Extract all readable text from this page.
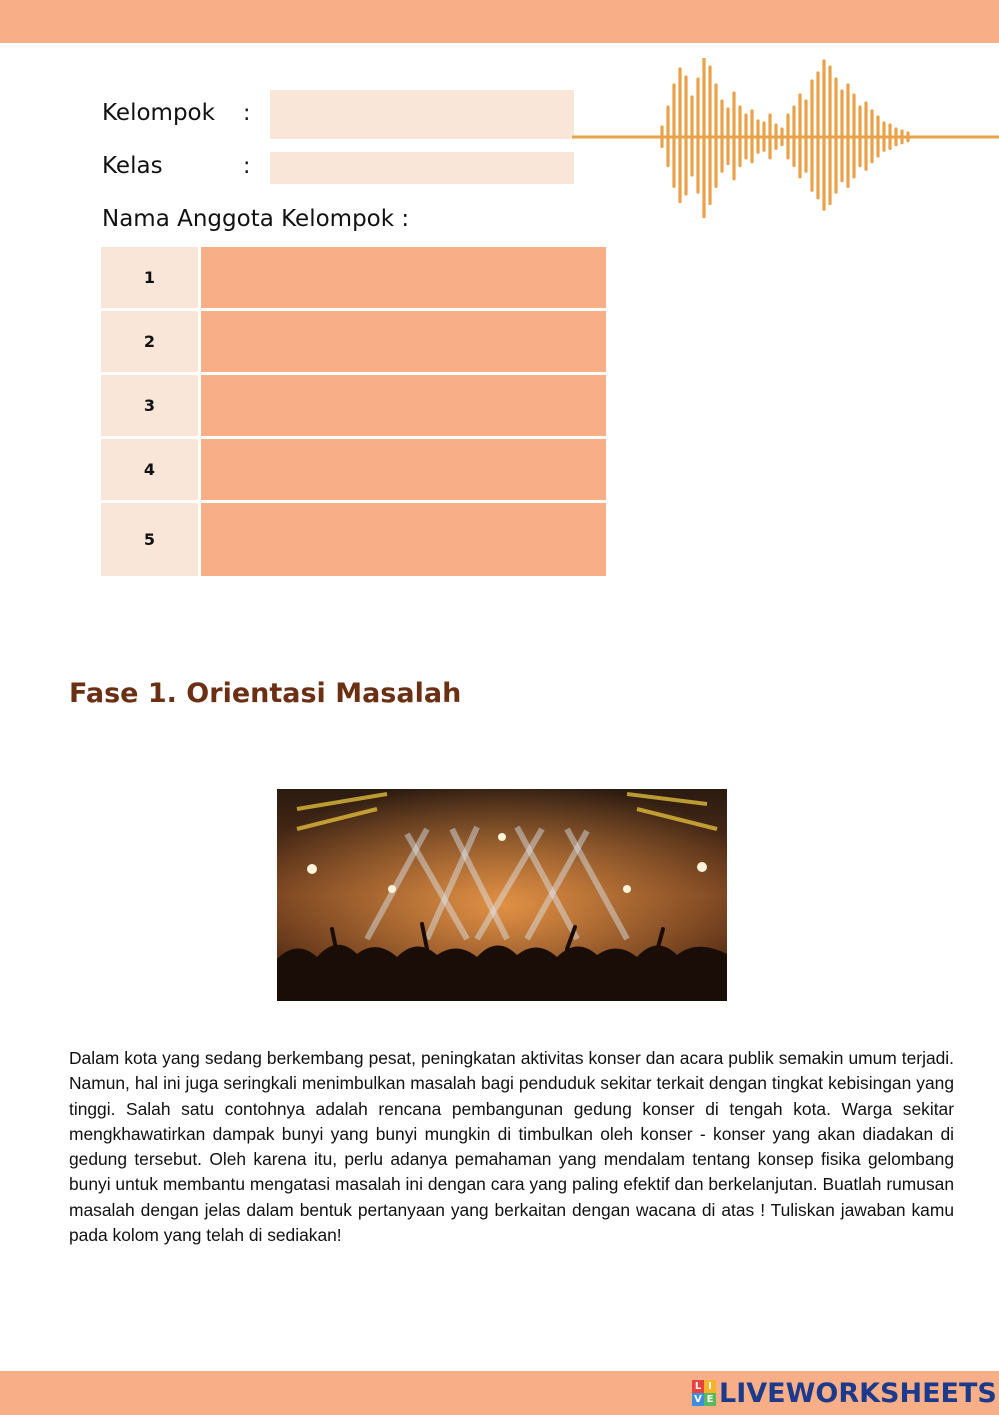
Kelompok :
Kelas	:
Nama Anggota Kelompok :
1
2
3
4
5
Fase 1. Orientasi Masalah

Dalam kota yang sedang berkembang pesat, peningkatan aktivitas konser dan acara publik semakin umum terjadi. Namun, hal ini juga seringkali menimbulkan masalah bagi penduduk sekitar terkait dengan tingkat kebisingan yang tinggi. Salah satu contohnya adalah rencana pembangunan gedung konser di tengah kota. Warga sekitar mengkhawatirkan dampak bunyi yang bunyi mungkin di timbulkan oleh konser - konser yang akan diadakan di gedung tersebut. Oleh karena itu, perlu adanya pemahaman yang mendalam tentang konsep fisika gelombang bunyi untuk membantu mengatasi masalah ini dengan cara yang paling efektif dan berkelanjutan. Buatlah rumusan masalah dengan jelas dalam bentuk pertanyaan yang berkaitan dengan wacana di atas ! Tuliskan jawaban kamu pada kolom yang telah di sediakan!

L I
V E LIVEWORKSHEETS
